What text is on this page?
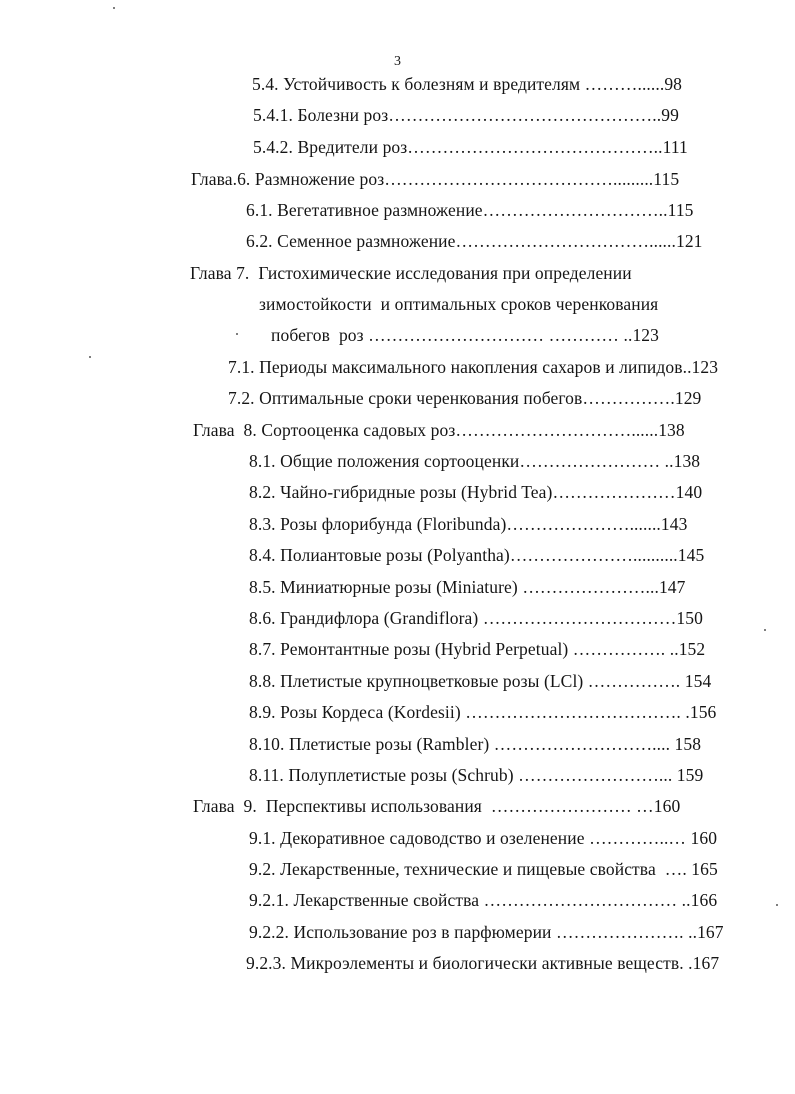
3
5.4. Устойчивость к болезням и вредителям ………......98
5.4.1. Болезни роз………………………………………..99
5.4.2. Вредители роз……………………………………..111
Глава.6. Размножение роз………………………………….........115
6.1. Вегетативное размножение…………………………..115
6.2. Семенное размножение……………………………......121
Глава 7.  Гистохимические исследования при определении
зимостойкости  и оптимальных сроков черенкования
побегов  роз ………………………… ………… ..123
7.1. Периоды максимального накопления сахаров и липидов..123
7.2. Оптимальные сроки черенкования побегов…………….129
Глава  8. Сортооценка садовых роз…………………………......138
8.1. Общие положения сортооценки…………………… ..138
8.2. Чайно-гибридные розы (Hybrid Tea)…………………140
8.3. Розы флорибунда (Floribunda)………………….......143
8.4. Полиантовые розы (Polyantha)…………………..........145
8.5. Миниатюрные розы (Miniature) …………………...147
8.6. Грандифлора (Grandiflora) ……………………………150
8.7. Ремонтантные розы (Hybrid Perpetual) ……………. ..152
8.8. Плетистые крупноцветковые розы (LCl) ……………. 154
8.9. Розы Кордеса (Kordesii) ………………………………. .156
8.10. Плетистые розы (Rambler) ……………………….... 158
8.11. Полуплетистые розы (Schrub) ……………………... 159
Глава  9.  Перспективы использования  …………………… …160
9.1. Декоративное садоводство и озеленение …………..… 160
9.2. Лекарственные, технические и пищевые свойства  …. 165
9.2.1. Лекарственные свойства …………………………… ..166
9.2.2. Использование роз в парфюмерии …………………. ..167
9.2.3. Микроэлементы и биологически активные веществ. .167
